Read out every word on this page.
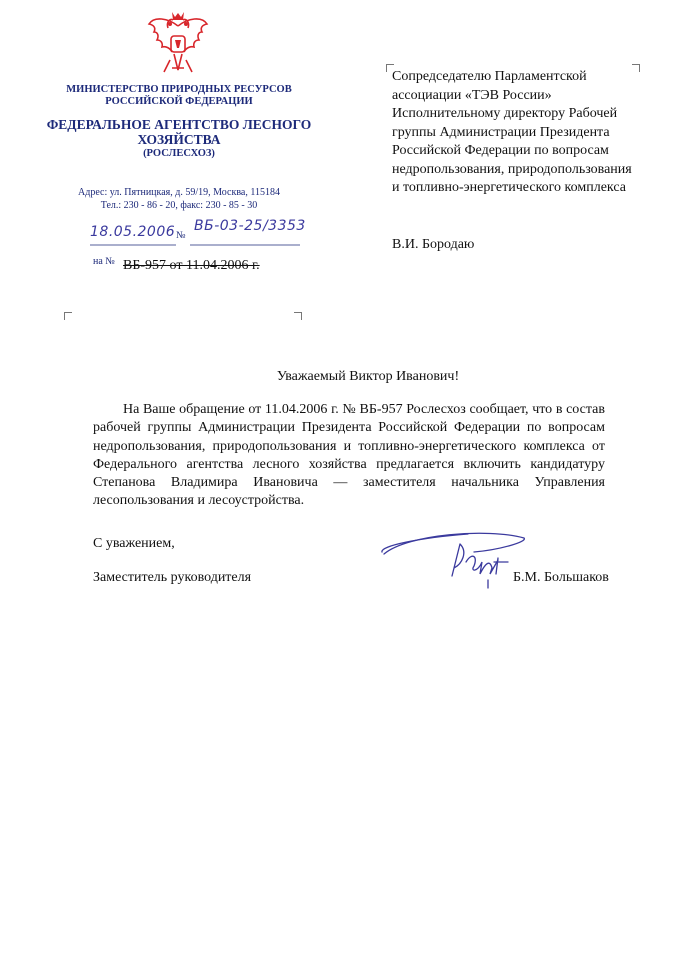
МИНИСТЕРСТВО ПРИРОДНЫХ РЕСУРСОВ РОССИЙСКОЙ ФЕДЕРАЦИИ
ФЕДЕРАЛЬНОЕ АГЕНТСТВО ЛЕСНОГО ХОЗЯЙСТВА
(РОСЛЕСХОЗ)
Адрес: ул. Пятницкая, д. 59/19, Москва, 115184
Тел.: 230 - 86 - 20, факс: 230 - 85 - 30
18.05.2006 №
ВБ-03-25/3353
на № ВБ-957 от 11.04.2006 г.
Сопредседателю Парламентской ассоциации «ТЭВ России» Исполнительному директору Рабочей группы Администрации Президента Российской Федерации по вопросам недропользования, природопользования и топливно-энергетического комплекса
В.И. Бородаю
Уважаемый Виктор Иванович!
На Ваше обращение от 11.04.2006 г. № ВБ-957 Рослесхоз сообщает, что в состав рабочей группы Администрации Президента Российской Федерации по вопросам недропользования, природопользования и топливно-энергетического комплекса от Федерального агентства лесного хозяйства предлагается включить кандидатуру Степанова Владимира Ивановича — заместителя начальника Управления лесопользования и лесоустройства.
С уважением,
Заместитель руководителя	Б.М. Большаков
